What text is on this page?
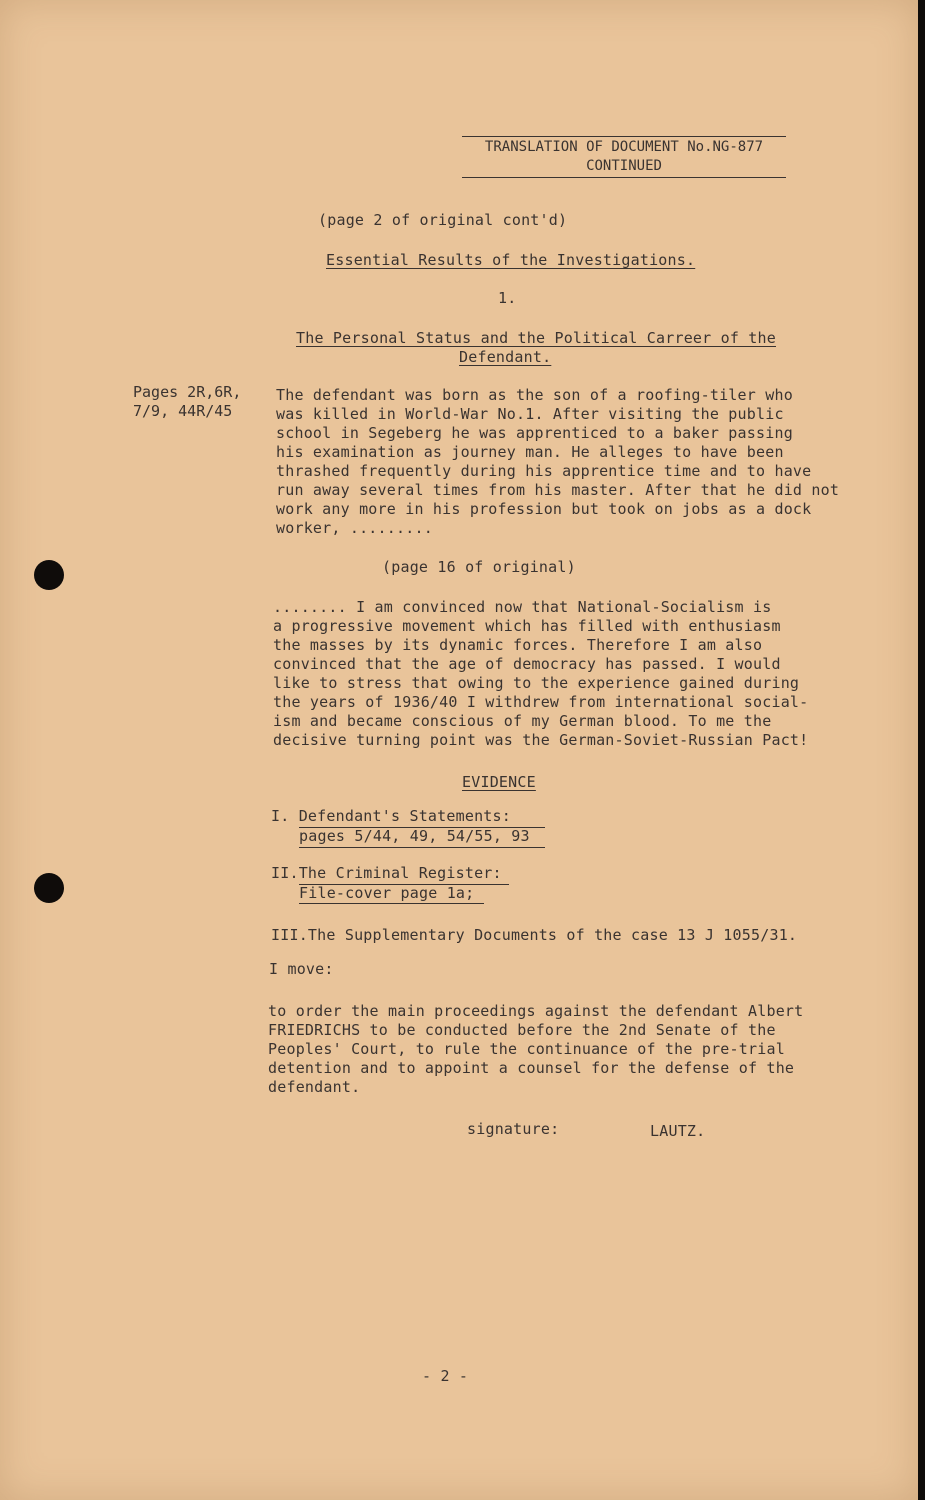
TRANSLATION OF DOCUMENT No.NG-877
CONTINUED
(page 2 of original cont'd)
Essential Results of the Investigations.
1.
The Personal Status and the Political Carreer of the
Defendant.
Pages 2R,6R,
7/9, 44R/45
The defendant was born as the son of a roofing-tiler who
was killed in World-War No.1. After visiting the public
school in Segeberg he was apprenticed to a baker passing
his examination as journey man. He alleges to have been
thrashed frequently during his apprentice time and to have
run away several times from his master. After that he did not
work any more in his profession but took on jobs as a dock
worker, .........
(page 16 of original)
........ I am convinced now that National-Socialism is
a progressive movement which has filled with enthusiasm
the masses by its dynamic forces. Therefore I am also
convinced that the age of democracy has passed. I would
like to stress that owing to the experience gained during
the years of 1936/40 I withdrew from international social-
ism and became conscious of my German blood. To me the
decisive turning point was the German-Soviet-Russian Pact!
EVIDENCE
I. Defendant's Statements:
pages 5/44, 49, 54/55, 93
II.The Criminal Register:
File-cover page 1a;
III.The Supplementary Documents of the case 13 J 1055/31.
I move:
to order the main proceedings against the defendant Albert
FRIEDRICHS to be conducted before the 2nd Senate of the
Peoples' Court, to rule the continuance of the pre-trial
detention and to appoint a counsel for the defense of the
defendant.
signature:	LAUTZ.
- 2 -
